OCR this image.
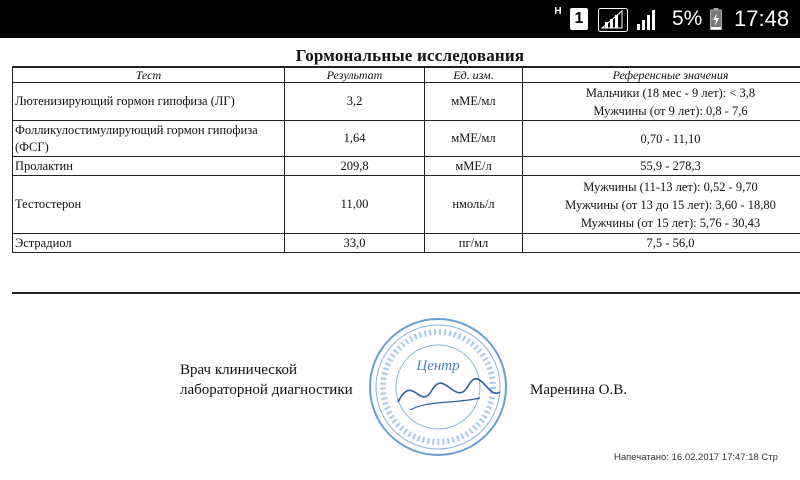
H 1	5% 17:48
Гормональные исследования
Тест	Результат	Ед. изм.	Референсные значения
Лютенизирующий гормон гипофиза (ЛГ)	3,2	мМЕ/мл	Мальчики (18 мес - 9 лет): < 3,8
Мужчины (от 9 лет): 0,8 - 7,6

Фолликулостимулирующий гормон гипофиза (ФСГ)	1,64	мМЕ/мл	0,70 - 11,10

Пролактин	209,8	мМЕ/л	55,9 - 278,3

Тестостерон	11,00	нмоль/л	Мужчины (11-13 лет): 0,52 - 9,70
Мужчины (от 13 до 15 лет): 3,60 - 18,80
Мужчины (от 15 лет): 5,76 - 30,43

Эстрадиол	33,0	пг/мл	7,5 - 56,0
Врач клинической
лабораторной диагностики
Центр
Маренина О.В.
Напечатано: 16.02.2017 17:47:18 Стр
